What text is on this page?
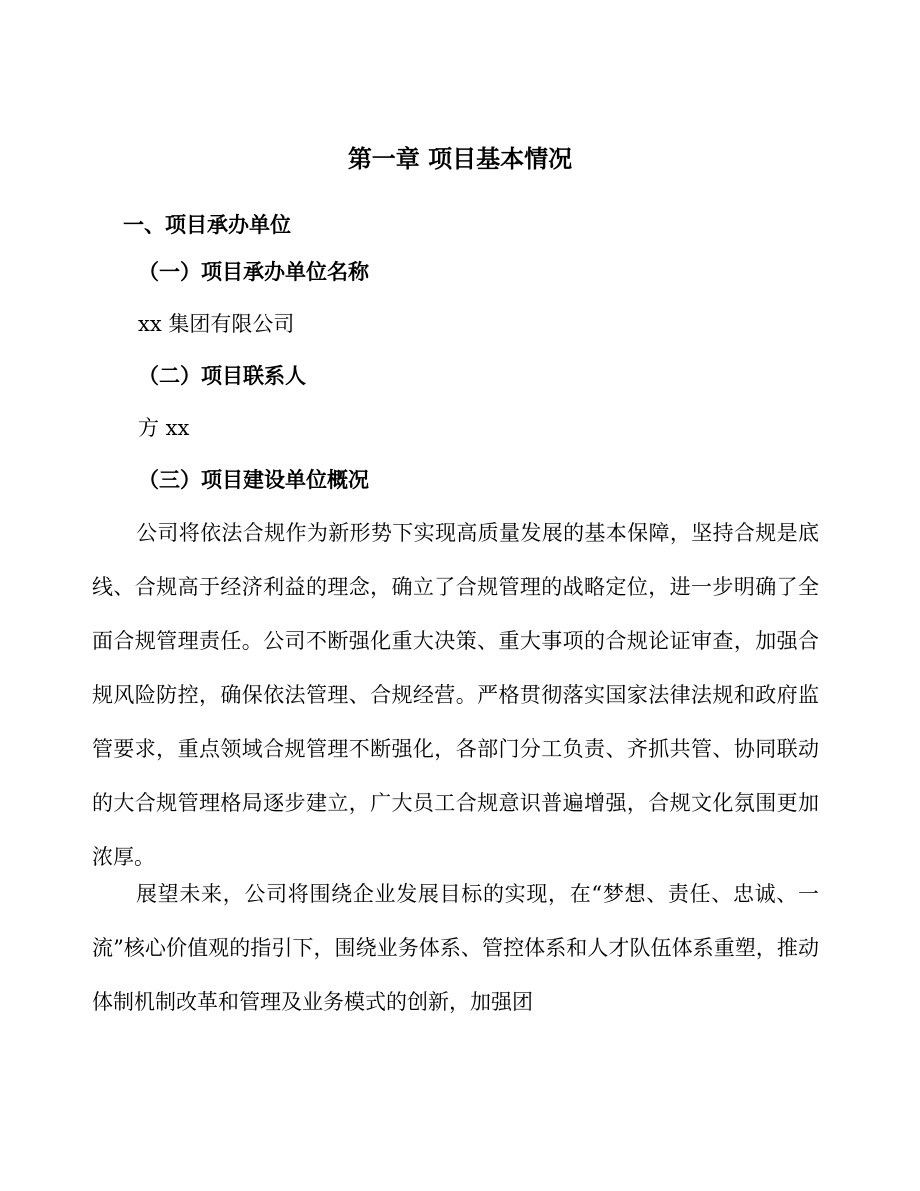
第一章 项目基本情况
一、项目承办单位
（一）项目承办单位名称

xx 集团有限公司

（二）项目联系人

方 xx

（三）项目建设单位概况

公司将依法合规作为新形势下实现高质量发展的基本保障，坚持合规是底线、合规高于经济利益的理念，确立了合规管理的战略定位，进一步明确了全面合规管理责任。公司不断强化重大决策、重大事项的合规论证审查，加强合规风险防控，确保依法管理、合规经营。严格贯彻落实国家法律法规和政府监管要求，重点领域合规管理不断强化，各部门分工负责、齐抓共管、协同联动的大合规管理格局逐步建立，广大员工合规意识普遍增强，合规文化氛围更加浓厚。

展望未来，公司将围绕企业发展目标的实现，在“梦想、责任、忠诚、一流”核心价值观的指引下，围绕业务体系、管控体系和人才队伍体系重塑，推动体制机制改革和管理及业务模式的创新，加强团
